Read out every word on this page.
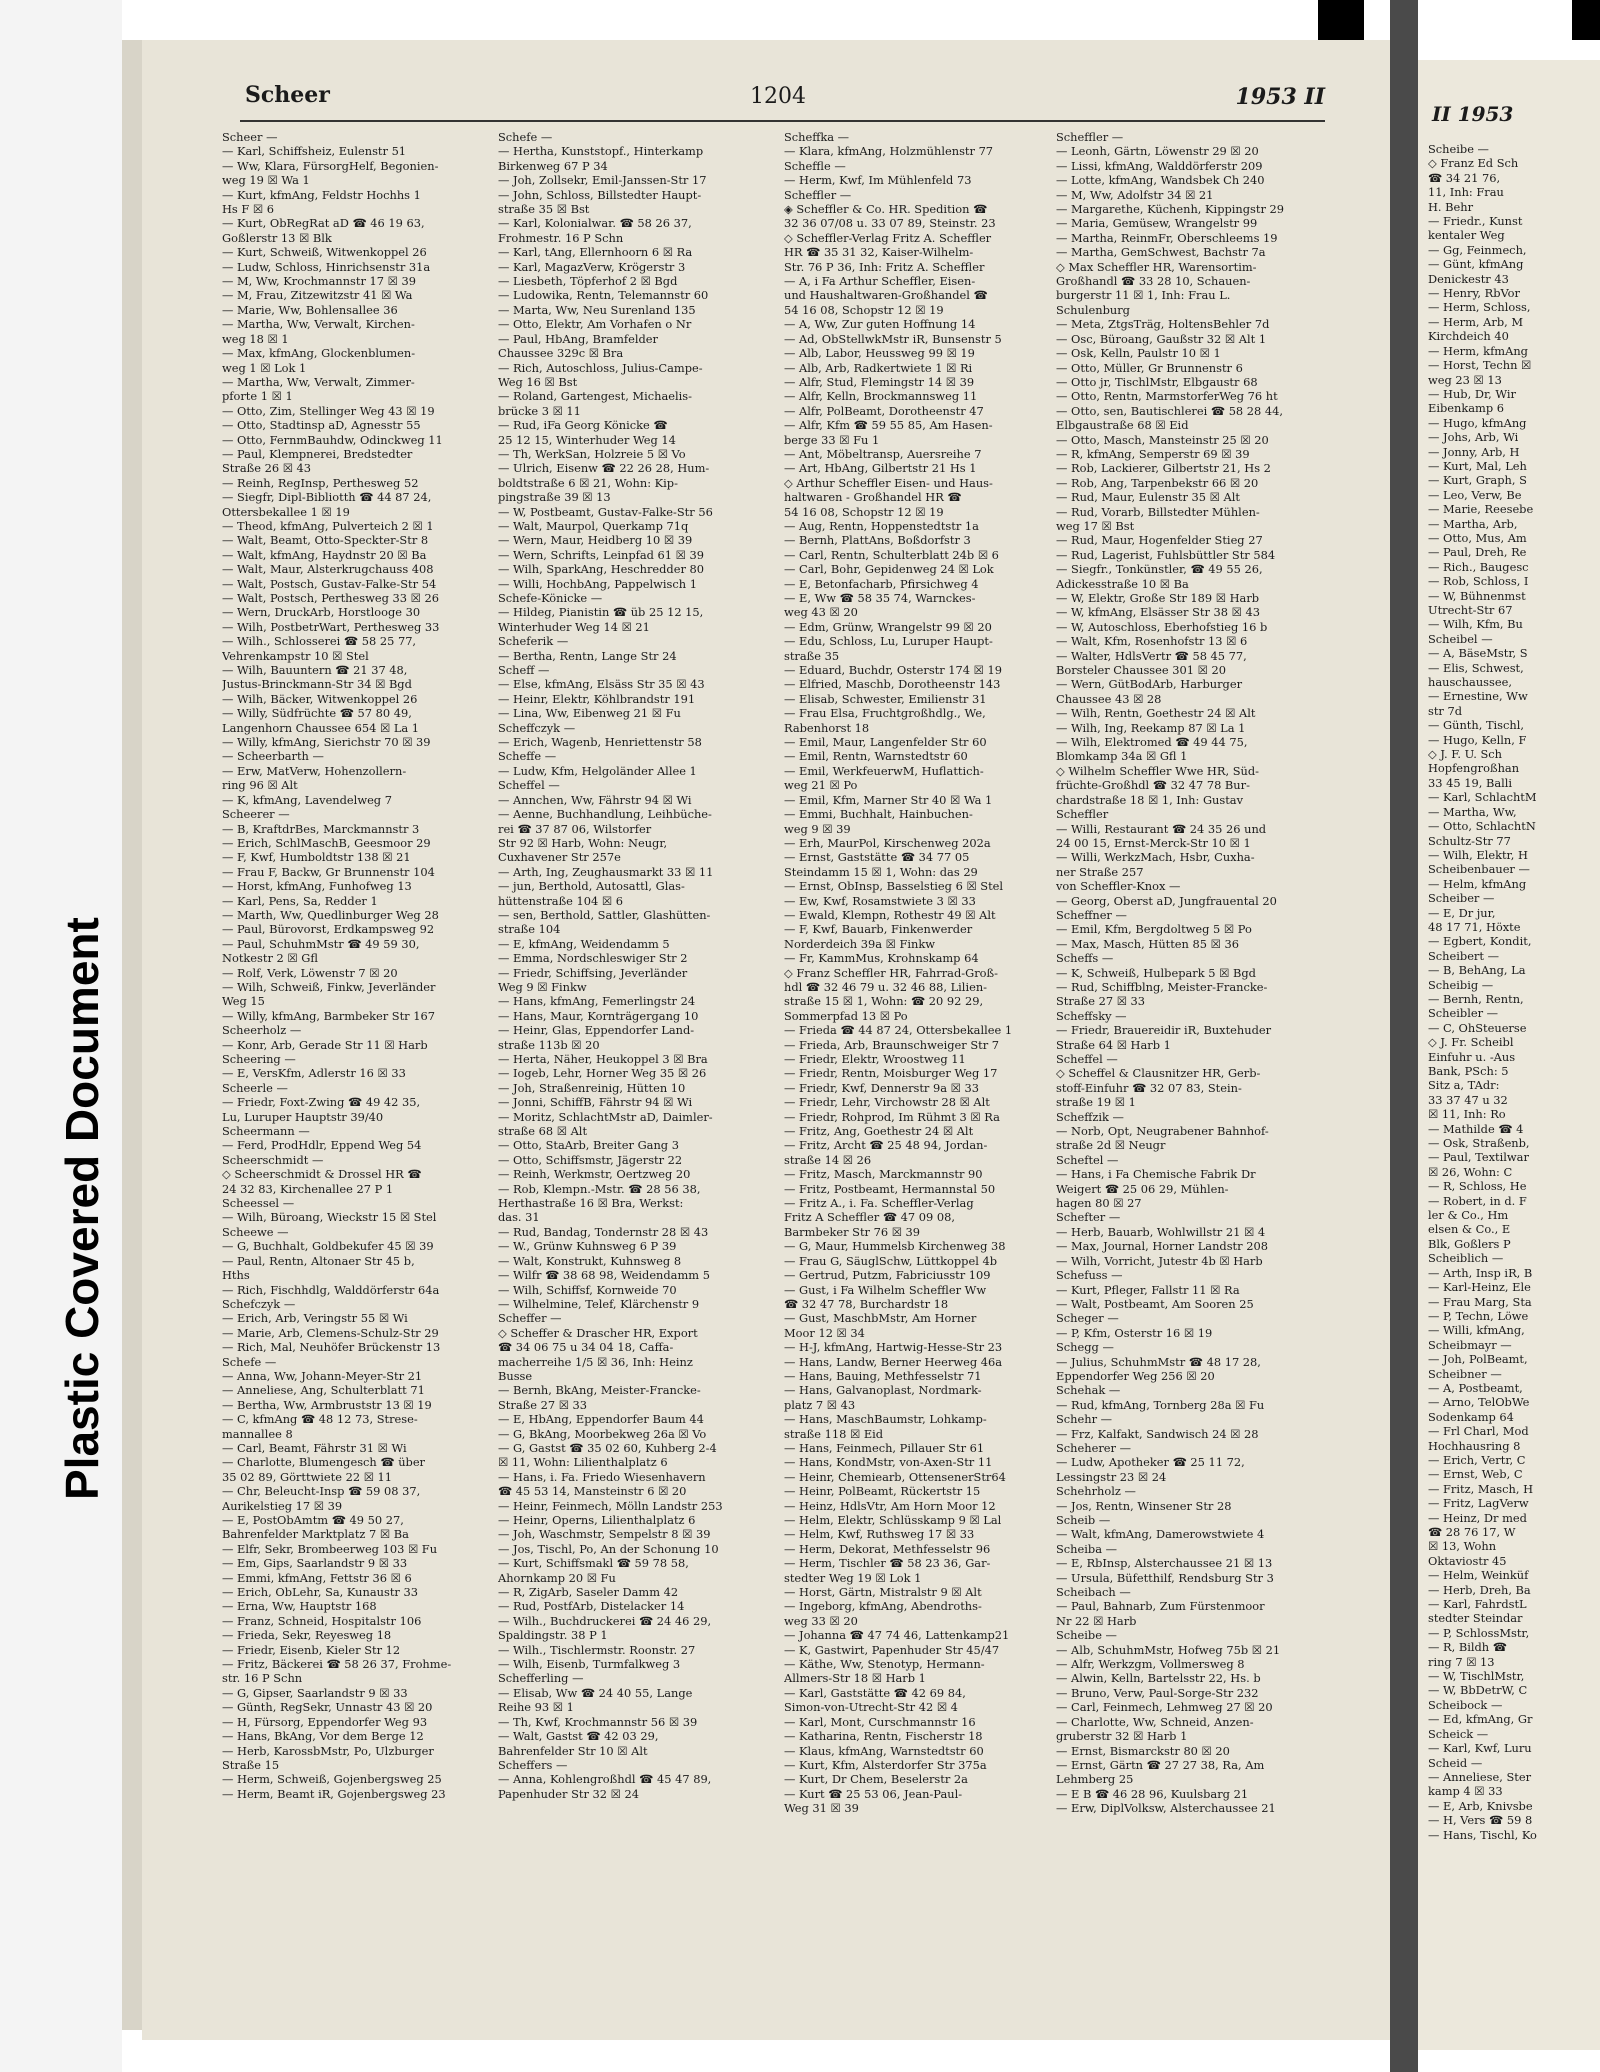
Plastic Covered Document
Scheer	1204	1953 II
Scheer —
— Karl, Schiffsheiz, Eulenstr 51
— Ww, Klara, FürsorgHelf, Begonien-
weg 19 ☒ Wa 1
— Kurt, kfmAng, Feldstr Hochhs 1
Hs F ☒ 6
— Kurt, ObRegRat aD ☎ 46 19 63,
Goßlerstr 13 ☒ Blk
— Kurt, Schweiß, Witwenkoppel 26
— Ludw, Schloss, Hinrichsenstr 31a
— M, Ww, Krochmannstr 17 ☒ 39
— M, Frau, Zitzewitzstr 41 ☒ Wa
— Marie, Ww, Bohlensallee 36
— Martha, Ww, Verwalt, Kirchen-
weg 18 ☒ 1
— Max, kfmAng, Glockenblumen-
weg 1 ☒ Lok 1
— Martha, Ww, Verwalt, Zimmer-
pforte 1 ☒ 1
— Otto, Zim, Stellinger Weg 43 ☒ 19
— Otto, Stadtinsp aD, Agnesstr 55
— Otto, FernmBauhdw, Odinckweg 11
— Paul, Klempnerei, Bredstedter
Straße 26 ☒ 43
— Reinh, RegInsp, Perthesweg 52
— Siegfr, Dipl-Bibliotth ☎ 44 87 24,
Ottersbekallee 1 ☒ 19
— Theod, kfmAng, Pulverteich 2 ☒ 1
— Walt, Beamt, Otto-Speckter-Str 8
— Walt, kfmAng, Haydnstr 20 ☒ Ba
— Walt, Maur, Alsterkrugchauss 408
— Walt, Postsch, Gustav-Falke-Str 54
— Walt, Postsch, Perthesweg 33 ☒ 26
— Wern, DruckArb, Horstlooge 30
— Wilh, PostbetrWart, Perthesweg 33
— Wilh., Schlosserei ☎ 58 25 77,
Vehrenkampstr 10 ☒ Stel
— Wilh, Bauuntern ☎ 21 37 48,
Justus-Brinckmann-Str 34 ☒ Bgd
— Wilh, Bäcker, Witwenkoppel 26
— Willy, Südfrüchte ☎ 57 80 49,
Langenhorn Chaussee 654 ☒ La 1
— Willy, kfmAng, Sierichstr 70 ☒ 39
— Scheerbarth —
— Erw, MatVerw, Hohenzollern-
ring 96 ☒ Alt
— K, kfmAng, Lavendelweg 7
Scheerer —
— B, KraftdrBes, Marckmannstr 3
— Erich, SchlMaschB, Geesmoor 29
— F, Kwf, Humboldtstr 138 ☒ 21
— Frau F, Backw, Gr Brunnenstr 104
— Horst, kfmAng, Funhofweg 13
— Karl, Pens, Sa, Redder 1
— Marth, Ww, Quedlinburger Weg 28
— Paul, Bürovorst, Erdkampsweg 92
— Paul, SchuhmMstr ☎ 49 59 30,
Notkestr 2 ☒ Gfl
— Rolf, Verk, Löwenstr 7 ☒ 20
— Wilh, Schweiß, Finkw, Jeverländer
Weg 15
— Willy, kfmAng, Barmbeker Str 167
Scheerholz —
— Konr, Arb, Gerade Str 11 ☒ Harb
Scheering —
— E, VersKfm, Adlerstr 16 ☒ 33
Scheerle —
— Friedr, Foxt-Zwing ☎ 49 42 35,
Lu, Luruper Hauptstr 39/40
Scheermann —
— Ferd, ProdHdlr, Eppend Weg 54
Scheerschmidt —
◇ Scheerschmidt & Drossel HR ☎
24 32 83, Kirchenallee 27 P 1
Scheessel —
— Wilh, Büroang, Wieckstr 15 ☒ Stel
Scheewe —
— G, Buchhalt, Goldbekufer 45 ☒ 39
— Paul, Rentn, Altonaer Str 45 b,
Hths
— Rich, Fischhdlg, Walddörferstr 64a
Schefczyk —
— Erich, Arb, Veringstr 55 ☒ Wi
— Marie, Arb, Clemens-Schulz-Str 29
— Rich, Mal, Neuhöfer Brückenstr 13
Schefe —
— Anna, Ww, Johann-Meyer-Str 21
— Anneliese, Ang, Schulterblatt 71
— Bertha, Ww, Armbruststr 13 ☒ 19
— C, kfmAng ☎ 48 12 73, Strese-
mannallee 8
— Carl, Beamt, Fährstr 31 ☒ Wi
— Charlotte, Blumengesch ☎ über
35 02 89, Görttwiete 22 ☒ 11
— Chr, Beleucht-Insp ☎ 59 08 37,
Aurikelstieg 17 ☒ 39
— E, PostObAmtm ☎ 49 50 27,
Bahrenfelder Marktplatz 7 ☒ Ba
— Elfr, Sekr, Brombeerweg 103 ☒ Fu
— Em, Gips, Saarlandstr 9 ☒ 33
— Emmi, kfmAng, Fettstr 36 ☒ 6
— Erich, ObLehr, Sa, Kunaustr 33
— Erna, Ww, Hauptstr 168
— Franz, Schneid, Hospitalstr 106
— Frieda, Sekr, Reyesweg 18
— Friedr, Eisenb, Kieler Str 12
— Fritz, Bäckerei ☎ 58 26 37, Frohme-
str. 16 P Schn
— G, Gipser, Saarlandstr 9 ☒ 33
— Günth, RegSekr, Unnastr 43 ☒ 20
— H, Fürsorg, Eppendorfer Weg 93
— Hans, BkAng, Vor dem Berge 12
— Herb, KarossbMstr, Po, Ulzburger
Straße 15
— Herm, Schweiß, Gojenbergsweg 25
— Herm, Beamt iR, Gojenbergsweg 23
Schefe —
— Hertha, Kunststopf., Hinterkamp
Birkenweg 67 P 34
— Joh, Zollsekr, Emil-Janssen-Str 17
— John, Schloss, Billstedter Haupt-
straße 35 ☒ Bst
— Karl, Kolonialwar. ☎ 58 26 37,
Frohmestr. 16 P Schn
— Karl, tAng, Ellernhoorn 6 ☒ Ra
— Karl, MagazVerw, Krögerstr 3
— Liesbeth, Töpferhof 2 ☒ Bgd
— Ludowika, Rentn, Telemannstr 60
— Marta, Ww, Neu Surenland 135
— Otto, Elektr, Am Vorhafen o Nr
— Paul, HbAng, Bramfelder
Chaussee 329c ☒ Bra
— Rich, Autoschloss, Julius-Campe-
Weg 16 ☒ Bst
— Roland, Gartengest, Michaelis-
brücke 3 ☒ 11
— Rud, iFa Georg Könicke ☎
25 12 15, Winterhuder Weg 14
— Th, WerkSan, Holzreie 5 ☒ Vo
— Ulrich, Eisenw ☎ 22 26 28, Hum-
boldtstraße 6 ☒ 21, Wohn: Kip-
pingstraße 39 ☒ 13
— W, Postbeamt, Gustav-Falke-Str 56
— Walt, Maurpol, Querkamp 71q
— Wern, Maur, Heidberg 10 ☒ 39
— Wern, Schrifts, Leinpfad 61 ☒ 39
— Wilh, SparkAng, Heschredder 80
— Willi, HochbAng, Pappelwisch 1
Schefe-Könicke —
— Hildeg, Pianistin ☎ üb 25 12 15,
Winterhuder Weg 14 ☒ 21
Scheferik —
— Bertha, Rentn, Lange Str 24
Scheff —
— Else, kfmAng, Elsäss Str 35 ☒ 43
— Heinr, Elektr, Köhlbrandstr 191
— Lina, Ww, Eibenweg 21 ☒ Fu
Scheffczyk —
— Erich, Wagenb, Henriettenstr 58
Scheffe —
— Ludw, Kfm, Helgoländer Allee 1
Scheffel —
— Annchen, Ww, Fährstr 94 ☒ Wi
— Aenne, Buchhandlung, Leihbüche-
rei ☎ 37 87 06, Wilstorfer
Str 92 ☒ Harb, Wohn: Neugr,
Cuxhavener Str 257e
— Arth, Ing, Zeughausmarkt 33 ☒ 11
— jun, Berthold, Autosattl, Glas-
hüttenstraße 104 ☒ 6
— sen, Berthold, Sattler, Glashütten-
straße 104
— E, kfmAng, Weidendamm 5
— Emma, Nordschleswiger Str 2
— Friedr, Schiffsing, Jeverländer
Weg 9 ☒ Finkw
— Hans, kfmAng, Femerlingstr 24
— Hans, Maur, Kornträgergang 10
— Heinr, Glas, Eppendorfer Land-
straße 113b ☒ 20
— Herta, Näher, Heukoppel 3 ☒ Bra
— Iogeb, Lehr, Horner Weg 35 ☒ 26
— Joh, Straßenreinig, Hütten 10
— Jonni, SchiffB, Fährstr 94 ☒ Wi
— Moritz, SchlachtMstr aD, Daimler-
straße 68 ☒ Alt
— Otto, StaArb, Breiter Gang 3
— Otto, Schiffsmstr, Jägerstr 22
— Reinh, Werkmstr, Oertzweg 20
— Rob, Klempn.-Mstr. ☎ 28 56 38,
Herthastraße 16 ☒ Bra, Werkst:
das. 31
— Rud, Bandag, Tondernstr 28 ☒ 43
— W., Grünw Kuhnsweg 6 P 39
— Walt, Konstrukt, Kuhnsweg 8
— Wilfr ☎ 38 68 98, Weidendamm 5
— Wilh, Schiffsf, Kornweide 70
— Wilhelmine, Telef, Klärchenstr 9
Scheffer —
◇ Scheffer & Drascher HR, Export
☎ 34 06 75 u 34 04 18, Caffa-
macherreihe 1/5 ☒ 36, Inh: Heinz
Busse
— Bernh, BkAng, Meister-Francke-
Straße 27 ☒ 33
— E, HbAng, Eppendorfer Baum 44
— G, BkAng, Moorbekweg 26a ☒ Vo
— G, Gastst ☎ 35 02 60, Kuhberg 2-4
☒ 11, Wohn: Lilienthalplatz 6
— Hans, i. Fa. Friedo Wiesenhavern
☎ 45 53 14, Mansteinstr 6 ☒ 20
— Heinr, Feinmech, Mölln Landstr 253
— Heinr, Operns, Lilienthalplatz 6
— Joh, Waschmstr, Sempelstr 8 ☒ 39
— Jos, Tischl, Po, An der Schonung 10
— Kurt, Schiffsmakl ☎ 59 78 58,
Ahornkamp 20 ☒ Fu
— R, ZigArb, Saseler Damm 42
— Rud, PostfArb, Distelacker 14
— Wilh., Buchdruckerei ☎ 24 46 29,
Spaldingstr. 38 P 1
— Wilh., Tischlermstr. Roonstr. 27
— Wilh, Eisenb, Turmfalkweg 3
Schefferling —
— Elisab, Ww ☎ 24 40 55, Lange
Reihe 93 ☒ 1
— Th, Kwf, Krochmannstr 56 ☒ 39
— Walt, Gastst ☎ 42 03 29,
Bahrenfelder Str 10 ☒ Alt
Scheffers —
— Anna, Kohlengroßhdl ☎ 45 47 89,
Papenhuder Str 32 ☒ 24
Scheffka —
— Klara, kfmAng, Holzmühlenstr 77
Scheffle —
— Herm, Kwf, Im Mühlenfeld 73
Scheffler —
◈ Scheffler & Co. HR. Spedition ☎
32 36 07/08 u. 33 07 89, Steinstr. 23
◇ Scheffler-Verlag Fritz A. Scheffler
HR ☎ 35 31 32, Kaiser-Wilhelm-
Str. 76 P 36, Inh: Fritz A. Scheffler
— A, i Fa Arthur Scheffler, Eisen-
und Haushaltwaren-Großhandel ☎
54 16 08, Schopstr 12 ☒ 19
— A, Ww, Zur guten Hoffnung 14
— Ad, ObStellwkMstr iR, Bunsenstr 5
— Alb, Labor, Heussweg 99 ☒ 19
— Alb, Arb, Radkertwiete 1 ☒ Ri
— Alfr, Stud, Flemingstr 14 ☒ 39
— Alfr, Kelln, Brockmannsweg 11
— Alfr, PolBeamt, Dorotheenstr 47
— Alfr, Kfm ☎ 59 55 85, Am Hasen-
berge 33 ☒ Fu 1
— Ant, Möbeltransp, Auersreihe 7
— Art, HbAng, Gilbertstr 21 Hs 1
◇ Arthur Scheffler Eisen- und Haus-
haltwaren - Großhandel HR ☎
54 16 08, Schopstr 12 ☒ 19
— Aug, Rentn, Hoppenstedtstr 1a
— Bernh, PlattAns, Boßdorfstr 3
— Carl, Rentn, Schulterblatt 24b ☒ 6
— Carl, Bohr, Gepidenweg 24 ☒ Lok
— E, Betonfacharb, Pfirsichweg 4
— E, Ww ☎ 58 35 74, Warnckes-
weg 43 ☒ 20
— Edm, Grünw, Wrangelstr 99 ☒ 20
— Edu, Schloss, Lu, Luruper Haupt-
straße 35
— Eduard, Buchdr, Osterstr 174 ☒ 19
— Elfried, Maschb, Dorotheenstr 143
— Elisab, Schwester, Emilienstr 31
— Frau Elsa, Fruchtgroßhdlg., We,
Rabenhorst 18
— Emil, Maur, Langenfelder Str 60
— Emil, Rentn, Warnstedtstr 60
— Emil, WerkfeuerwM, Huflattich-
weg 21 ☒ Po
— Emil, Kfm, Marner Str 40 ☒ Wa 1
— Emmi, Buchhalt, Hainbuchen-
weg 9 ☒ 39
— Erh, MaurPol, Kirschenweg 202a
— Ernst, Gaststätte ☎ 34 77 05
Steindamm 15 ☒ 1, Wohn: das 29
— Ernst, ObInsp, Basselstieg 6 ☒ Stel
— Ew, Kwf, Rosamstwiete 3 ☒ 33
— Ewald, Klempn, Rothestr 49 ☒ Alt
— F, Kwf, Bauarb, Finkenwerder
Norderdeich 39a ☒ Finkw
— Fr, KammMus, Krohnskamp 64
◇ Franz Scheffler HR, Fahrrad-Groß-
hdl ☎ 32 46 79 u. 32 46 88, Lilien-
straße 15 ☒ 1, Wohn: ☎ 20 92 29,
Sommerpfad 13 ☒ Po
— Frieda ☎ 44 87 24, Ottersbekallee 1
— Frieda, Arb, Braunschweiger Str 7
— Friedr, Elektr, Wroostweg 11
— Friedr, Rentn, Moisburger Weg 17
— Friedr, Kwf, Dennerstr 9a ☒ 33
— Friedr, Lehr, Virchowstr 28 ☒ Alt
— Friedr, Rohprod, Im Rühmt 3 ☒ Ra
— Fritz, Ang, Goethestr 24 ☒ Alt
— Fritz, Archt ☎ 25 48 94, Jordan-
straße 14 ☒ 26
— Fritz, Masch, Marckmannstr 90
— Fritz, Postbeamt, Hermannstal 50
— Fritz A., i. Fa. Scheffler-Verlag
Fritz A Scheffler ☎ 47 09 08,
Barmbeker Str 76 ☒ 39
— G, Maur, Hummelsb Kirchenweg 38
— Frau G, SäuglSchw, Lüttkoppel 4b
— Gertrud, Putzm, Fabriciusstr 109
— Gust, i Fa Wilhelm Scheffler Ww
☎ 32 47 78, Burchardstr 18
— Gust, MaschbMstr, Am Horner
Moor 12 ☒ 34
— H-J, kfmAng, Hartwig-Hesse-Str 23
— Hans, Landw, Berner Heerweg 46a
— Hans, Bauing, Methfesselstr 71
— Hans, Galvanoplast, Nordmark-
platz 7 ☒ 43
— Hans, MaschBaumstr, Lohkamp-
straße 118 ☒ Eid
— Hans, Feinmech, Pillauer Str 61
— Hans, KondMstr, von-Axen-Str 11
— Heinr, Chemiearb, OttensenerStr64
— Heinr, PolBeamt, Rückertstr 15
— Heinz, HdlsVtr, Am Horn Moor 12
— Helm, Elektr, Schlüsskamp 9 ☒ Lal
— Helm, Kwf, Ruthsweg 17 ☒ 33
— Herm, Dekorat, Methfesselstr 96
— Herm, Tischler ☎ 58 23 36, Gar-
stedter Weg 19 ☒ Lok 1
— Horst, Gärtn, Mistralstr 9 ☒ Alt
— Ingeborg, kfmAng, Abendroths-
weg 33 ☒ 20
— Johanna ☎ 47 74 46, Lattenkamp21
— K, Gastwirt, Papenhuder Str 45/47
— Käthe, Ww, Stenotyp, Hermann-
Allmers-Str 18 ☒ Harb 1
— Karl, Gaststätte ☎ 42 69 84,
Simon-von-Utrecht-Str 42 ☒ 4
— Karl, Mont, Curschmannstr 16
— Katharina, Rentn, Fischerstr 18
— Klaus, kfmAng, Warnstedtstr 60
— Kurt, Kfm, Alsterdorfer Str 375a
— Kurt, Dr Chem, Beselerstr 2a
— Kurt ☎ 25 53 06, Jean-Paul-
Weg 31 ☒ 39
Scheffler —
— Leonh, Gärtn, Löwenstr 29 ☒ 20
— Lissi, kfmAng, Walddörferstr 209
— Lotte, kfmAng, Wandsbek Ch 240
— M, Ww, Adolfstr 34 ☒ 21
— Margarethe, Küchenh, Kippingstr 29
— Maria, Gemüsew, Wrangelstr 99
— Martha, ReinmFr, Oberschleems 19
— Martha, GemSchwest, Bachstr 7a
◇ Max Scheffler HR, Warensortim-
Großhandl ☎ 33 28 10, Schauen-
burgerstr 11 ☒ 1, Inh: Frau L.
Schulenburg
— Meta, ZtgsTräg, HoltensBehler 7d
— Osc, Büroang, Gaußstr 32 ☒ Alt 1
— Osk, Kelln, Paulstr 10 ☒ 1
— Otto, Müller, Gr Brunnenstr 6
— Otto jr, TischlMstr, Elbgaustr 68
— Otto, Rentn, MarmstorferWeg 76 ht
— Otto, sen, Bautischlerei ☎ 58 28 44,
Elbgaustraße 68 ☒ Eid
— Otto, Masch, Mansteinstr 25 ☒ 20
— R, kfmAng, Semperstr 69 ☒ 39
— Rob, Lackierer, Gilbertstr 21, Hs 2
— Rob, Ang, Tarpenbekstr 66 ☒ 20
— Rud, Maur, Eulenstr 35 ☒ Alt
— Rud, Vorarb, Billstedter Mühlen-
weg 17 ☒ Bst
— Rud, Maur, Hogenfelder Stieg 27
— Rud, Lagerist, Fuhlsbüttler Str 584
— Siegfr., Tonkünstler, ☎ 49 55 26,
Adickesstraße 10 ☒ Ba
— W, Elektr, Große Str 189 ☒ Harb
— W, kfmAng, Elsässer Str 38 ☒ 43
— W, Autoschloss, Eberhofstieg 16 b
— Walt, Kfm, Rosenhofstr 13 ☒ 6
— Walter, HdlsVertr ☎ 58 45 77,
Borsteler Chaussee 301 ☒ 20
— Wern, GütBodArb, Harburger
Chaussee 43 ☒ 28
— Wilh, Rentn, Goethestr 24 ☒ Alt
— Wilh, Ing, Reekamp 87 ☒ La 1
— Wilh, Elektromed ☎ 49 44 75,
Blomkamp 34a ☒ Gfl 1
◇ Wilhelm Scheffler Wwe HR, Süd-
früchte-Großhdl ☎ 32 47 78 Bur-
chardstraße 18 ☒ 1, Inh: Gustav
Scheffler
— Willi, Restaurant ☎ 24 35 26 und
24 00 15, Ernst-Merck-Str 10 ☒ 1
— Willi, WerkzMach, Hsbr, Cuxha-
ner Straße 257
von Scheffler-Knox —
— Georg, Oberst aD, Jungfrauental 20
Scheffner —
— Emil, Kfm, Bergdoltweg 5 ☒ Po
— Max, Masch, Hütten 85 ☒ 36
Scheffs —
— K, Schweiß, Hulbepark 5 ☒ Bgd
— Rud, Schiffblng, Meister-Francke-
Straße 27 ☒ 33
Scheffsky —
— Friedr, Brauereidir iR, Buxtehuder
Straße 64 ☒ Harb 1
Scheffel —
◇ Scheffel & Clausnitzer HR, Gerb-
stoff-Einfuhr ☎ 32 07 83, Stein-
straße 19 ☒ 1
Scheffzik —
— Norb, Opt, Neugrabener Bahnhof-
straße 2d ☒ Neugr
Scheftel —
— Hans, i Fa Chemische Fabrik Dr
Weigert ☎ 25 06 29, Mühlen-
hagen 80 ☒ 27
Schefter —
— Herb, Bauarb, Wohlwillstr 21 ☒ 4
— Max, Journal, Horner Landstr 208
— Wilh, Vorricht, Jutestr 4b ☒ Harb
Schefuss —
— Kurt, Pfleger, Fallstr 11 ☒ Ra
— Walt, Postbeamt, Am Sooren 25
Scheger —
— P, Kfm, Osterstr 16 ☒ 19
Schegg —
— Julius, SchuhmMstr ☎ 48 17 28,
Eppendorfer Weg 256 ☒ 20
Schehak —
— Rud, kfmAng, Tornberg 28a ☒ Fu
Schehr —
— Frz, Kalfakt, Sandwisch 24 ☒ 28
Scheherer —
— Ludw, Apotheker ☎ 25 11 72,
Lessingstr 23 ☒ 24
Schehrholz —
— Jos, Rentn, Winsener Str 28
Scheib —
— Walt, kfmAng, Damerowstwiete 4
Scheiba —
— E, RbInsp, Alsterchaussee 21 ☒ 13
— Ursula, Büfetthilf, Rendsburg Str 3
Scheibach —
— Paul, Bahnarb, Zum Fürstenmoor
Nr 22 ☒ Harb
Scheibe —
— Alb, SchuhmMstr, Hofweg 75b ☒ 21
— Alfr, Werkzgm, Vollmersweg 8
— Alwin, Kelln, Bartelsstr 22, Hs. b
— Bruno, Verw, Paul-Sorge-Str 232
— Carl, Feinmech, Lehmweg 27 ☒ 20
— Charlotte, Ww, Schneid, Anzen-
gruberstr 32 ☒ Harb 1
— Ernst, Bismarckstr 80 ☒ 20
— Ernst, Gärtn ☎ 27 27 38, Ra, Am
Lehmberg 25
— E B ☎ 46 28 96, Kuulsbarg 21
— Erw, DiplVolksw, Alsterchaussee 21
II 1953
Scheibe —
◇ Franz Ed Sch
☎ 34 21 76,
11, Inh: Frau
H. Behr
— Friedr., Kunst
kentaler Weg
— Gg, Feinmech,
— Günt, kfmAng
Denickestr 43
— Henry, RbVor
— Herm, Schloss,
— Herm, Arb, M
Kirchdeich 40
— Herm, kfmAng
— Horst, Techn ☒
weg 23 ☒ 13
— Hub, Dr, Wir
Eibenkamp 6
— Hugo, kfmAng
— Johs, Arb, Wi
— Jonny, Arb, H
— Kurt, Mal, Leh
— Kurt, Graph, S
— Leo, Verw, Be
— Marie, Reesebe
— Martha, Arb,
— Otto, Mus, Am
— Paul, Dreh, Re
— Rich., Baugesc
— Rob, Schloss, I
— W, Bühnenmst
Utrecht-Str 67
— Wilh, Kfm, Bu
Scheibel —
— A, BäseMstr, S
— Elis, Schwest,
hauschaussee,
— Ernestine, Ww
str 7d
— Günth, Tischl,
— Hugo, Kelln, F
◇ J. F. U. Sch
Hopfengroßhan
33 45 19, Balli
— Karl, SchlachtM
— Martha, Ww,
— Otto, SchlachtN
Schultz-Str 77
— Wilh, Elektr, H
Scheibenbauer —
— Helm, kfmAng
Scheiber —
— E, Dr jur,
48 17 71, Höxte
— Egbert, Kondit,
Scheibert —
— B, BehAng, La
Scheibig —
— Bernh, Rentn,
Scheibler —
— C, OhSteuerse
◇ J. Fr. Scheibl
Einfuhr u. -Aus
Bank, PSch: 5
Sitz a, TAdr:
33 37 47 u 32
☒ 11, Inh: Ro
— Mathilde ☎ 4
— Osk, Straßenb,
— Paul, Textilwar
☒ 26, Wohn: C
— R, Schloss, He
— Robert, in d. F
ler & Co., Hm
elsen & Co., E
Blk, Goßlers P
Scheiblich —
— Arth, Insp iR, B
— Karl-Heinz, Ele
— Frau Marg, Sta
— P, Techn, Löwe
— Willi, kfmAng,
Scheibmayr —
— Joh, PolBeamt,
Scheibner —
— A, Postbeamt,
— Arno, TelObWe
Sodenkamp 64
— Frl Charl, Mod
Hochhausring 8
— Erich, Vertr, C
— Ernst, Web, C
— Fritz, Masch, H
— Fritz, LagVerw
— Heinz, Dr med
☎ 28 76 17, W
☒ 13, Wohn
Oktaviostr 45
— Helm, Weinküf
— Herb, Dreh, Ba
— Karl, FahrdstL
stedter Steindar
— P, SchlossMstr,
— R, Bildh ☎
ring 7 ☒ 13
— W, TischlMstr,
— W, BbDetrW, C
Scheibock —
— Ed, kfmAng, Gr
Scheick —
— Karl, Kwf, Luru
Scheid —
— Anneliese, Ster
kamp 4 ☒ 33
— E, Arb, Knivsbe
— H, Vers ☎ 59 8
— Hans, Tischl, Ko
